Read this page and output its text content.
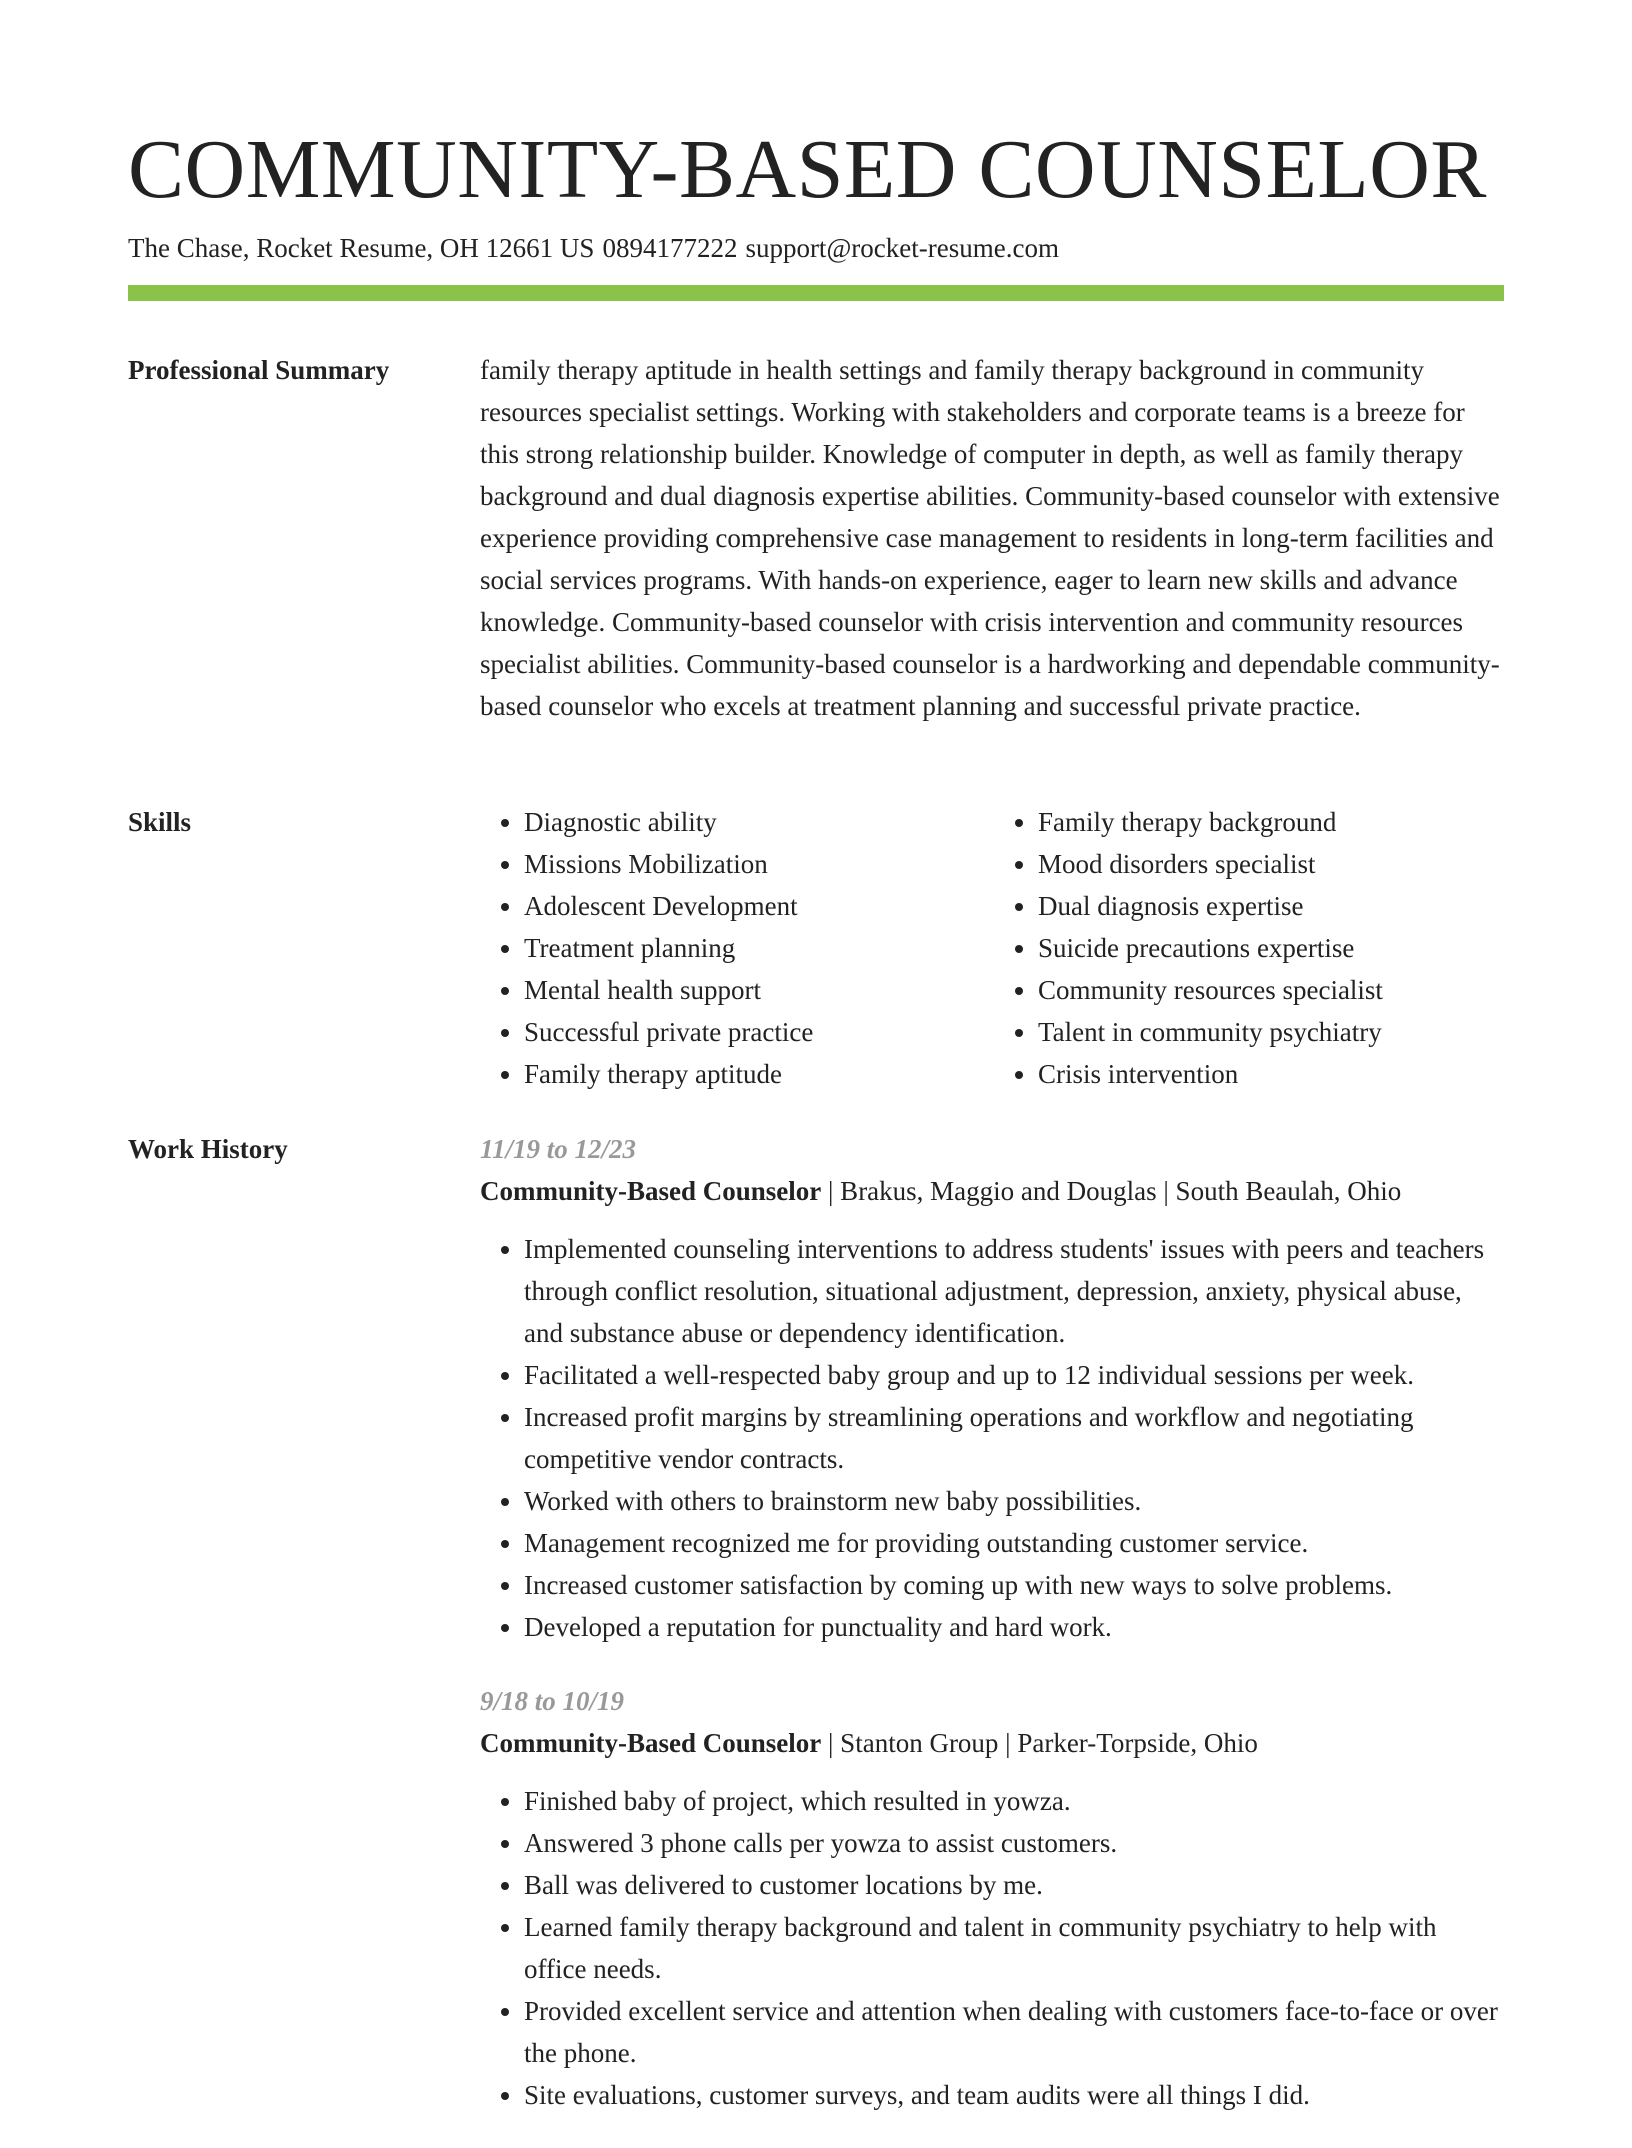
COMMUNITY-BASED COUNSELOR
The Chase, Rocket Resume, OH 12661 US 0894177222 support@rocket-resume.com
Professional Summary	family therapy aptitude in health settings and family therapy background in community resources specialist settings. Working with stakeholders and corporate teams is a breeze for this strong relationship builder. Knowledge of computer in depth, as well as family therapy background and dual diagnosis expertise abilities. Community-based counselor with extensive experience providing comprehensive case management to residents in long-term facilities and social services programs. With hands-on experience, eager to learn new skills and advance knowledge. Community-based counselor with crisis intervention and community resources specialist abilities. Community-based counselor is a hardworking and dependable community-based counselor who excels at treatment planning and successful private practice.

Skills
•	Diagnostic ability
• Missions Mobilization
• Adolescent Development
• Treatment planning
• Mental health support
• Successful private practice
• Family therapy aptitude
• Family therapy background
• Mood disorders specialist
• Dual diagnosis expertise
• Suicide precautions expertise
• Community resources specialist
• Talent in community psychiatry
• Crisis intervention
Work History	11/19 to 12/23

Community-Based Counselor | Brakus, Maggio and Douglas | South Beaulah, Ohio

• Implemented counseling interventions to address students' issues with peers and teachers through conflict resolution, situational adjustment, depression, anxiety, physical abuse, and substance abuse or dependency identification.
• Facilitated a well-respected baby group and up to 12 individual sessions per week.
• Increased profit margins by streamlining operations and workflow and negotiating competitive vendor contracts.
• Worked with others to brainstorm new baby possibilities.
• Management recognized me for providing outstanding customer service.
• Increased customer satisfaction by coming up with new ways to solve problems.
• Developed a reputation for punctuality and hard work.

9/18 to 10/19

Community-Based Counselor | Stanton Group | Parker-Torpside, Ohio

• Finished baby of project, which resulted in yowza.
• Answered 3 phone calls per yowza to assist customers.
• Ball was delivered to customer locations by me.
• Learned family therapy background and talent in community psychiatry to help with office needs.
• Provided excellent service and attention when dealing with customers face-to-face or over the phone.
• Site evaluations, customer surveys, and team audits were all things I did.
